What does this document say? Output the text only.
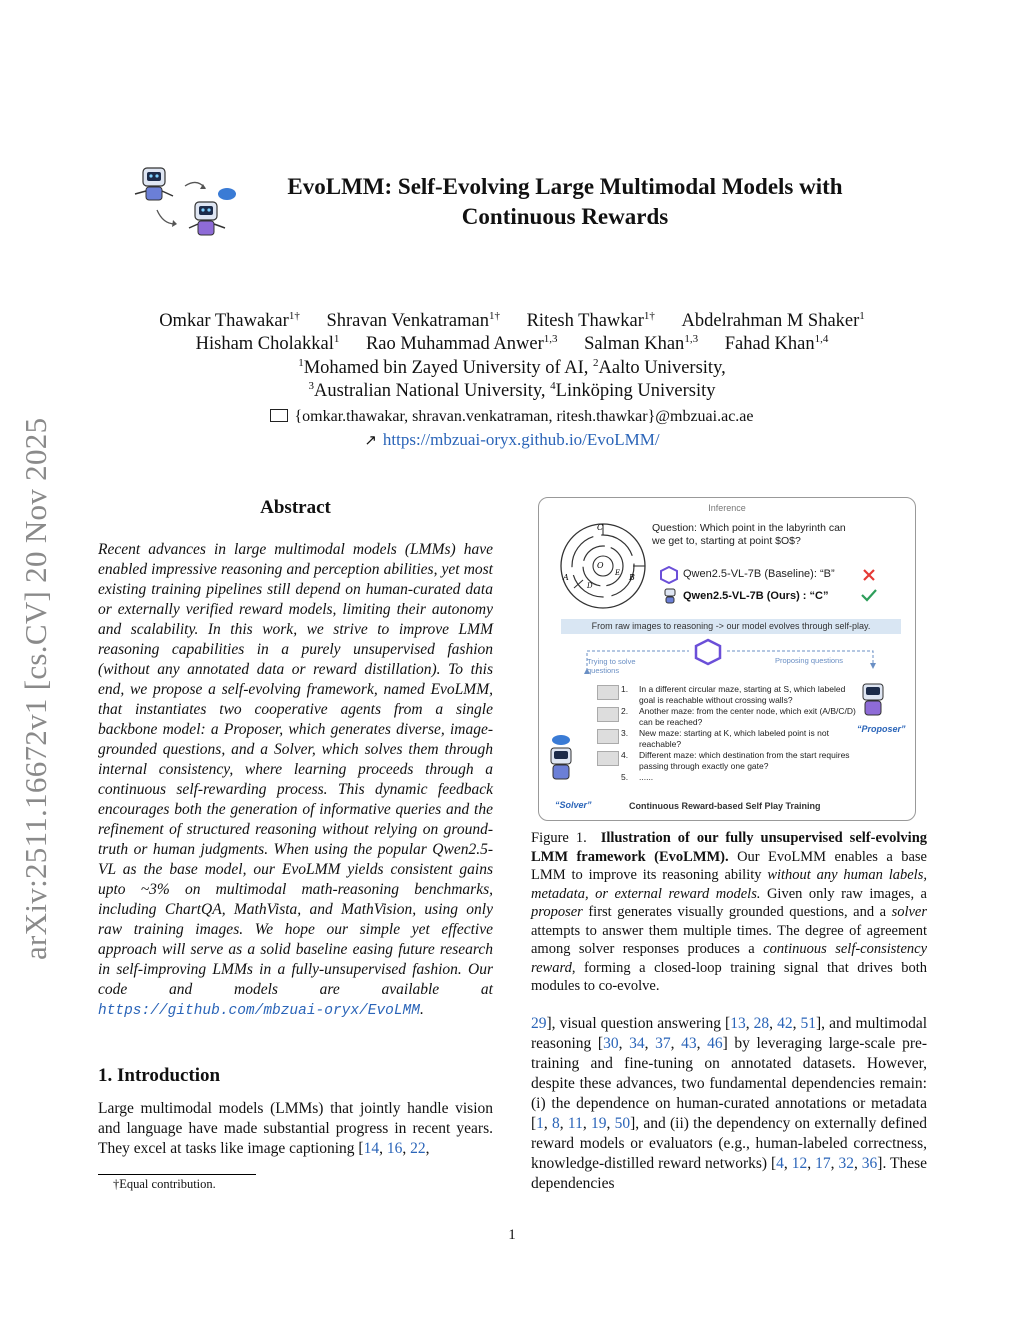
arXiv:2511.16672v1 [cs.CV] 20 Nov 2025
EvoLMM: Self-Evolving Large Multimodal Models with
Continuous Rewards
Omkar Thawakar$^{1\dagger}$ Shravan Venkatraman$^{1\dagger}$ Ritesh Thawkar$^{1\dagger}$ Abdelrahman M Shaker$^1$
Hisham Cholakkal$^1$ Rao Muhammad Anwer$^{1,3}$ Salman Khan$^{1,3}$ Fahad Khan$^{1,4}$
$^1$Mohamed bin Zayed University of AI, $^2$Aalto University,
$^3$Australian National University, $^4$Linköping University
{omkar.thawakar, shravan.venkatraman, ritesh.thawkar}@mbzuai.ac.ae
↗ https://mbzuai-oryx.github.io/EvoLMM/
Abstract
Recent advances in large multimodal models (LMMs) have enabled impressive reasoning and perception abilities, yet most existing training pipelines still depend on human-curated data or externally verified reward models, limiting their autonomy and scalability. In this work, we strive to improve LMM reasoning capabilities in a purely unsupervised fashion (without any annotated data or reward distillation). To this end, we propose a self-evolving framework, named EvoLMM, that instantiates two cooperative agents from a single backbone model: a Proposer, which generates diverse, image-grounded questions, and a Solver, which solves them through internal consistency, where learning proceeds through a continuous self-rewarding process. This dynamic feedback encourages both the generation of informative queries and the refinement of structured reasoning without relying on ground-truth or human judgments. When using the popular Qwen2.5-VL as the base model, our EvoLMM yields consistent gains upto ~3% on multimodal math-reasoning benchmarks, including ChartQA, MathVista, and MathVision, using only raw training images. We hope our simple yet effective approach will serve as a solid baseline easing future research in self-improving LMMs in a fully-unsupervised fashion. Our code and models are available at https://github.com/mbzuai-oryx/EvoLMM.
1. Introduction
Large multimodal models (LMMs) that jointly handle vision and language have made substantial progress in recent years. They excel at tasks like image captioning [14, 16, 22,
†Equal contribution.
Inference
C
O
E
A
D
B
Question: Which point in the labyrinth can we get to, starting at point $O$?
Qwen2.5-VL-7B (Baseline): “B”
Qwen2.5-VL-7B (Ours) : “C”
From raw images to reasoning -> our model evolves through self-play.
Trying to solve questions
Proposing questions
1. In a different circular maze, starting at S, which labeled goal is reachable without crossing walls?
2. Another maze: from the center node, which exit (A/B/C/D) can be reached?
3. New maze: starting at K, which labeled point is not reachable?
4. Different maze: which destination from the start requires passing through exactly one gate?
5. ......
“Solver”
“Proposer”
Continuous Reward-based Self Play Training
Figure 1. Illustration of our fully unsupervised self-evolving LMM framework (EvoLMM). Our EvoLMM enables a base LMM to improve its reasoning ability without any human labels, metadata, or external reward models. Given only raw images, a proposer first generates visually grounded questions, and a solver attempts to answer them multiple times. The degree of agreement among solver responses produces a continuous self-consistency reward, forming a closed-loop training signal that drives both modules to co-evolve.
29], visual question answering [13, 28, 42, 51], and multimodal reasoning [30, 34, 37, 43, 46] by leveraging large-scale pre-training and fine-tuning on annotated datasets. However, despite these advances, two fundamental dependencies remain: (i) the dependence on human-curated annotations or metadata [1, 8, 11, 19, 50], and (ii) the dependency on externally defined reward models or evaluators (e.g., human-labeled correctness, knowledge-distilled reward networks) [4, 12, 17, 32, 36]. These dependencies
1
